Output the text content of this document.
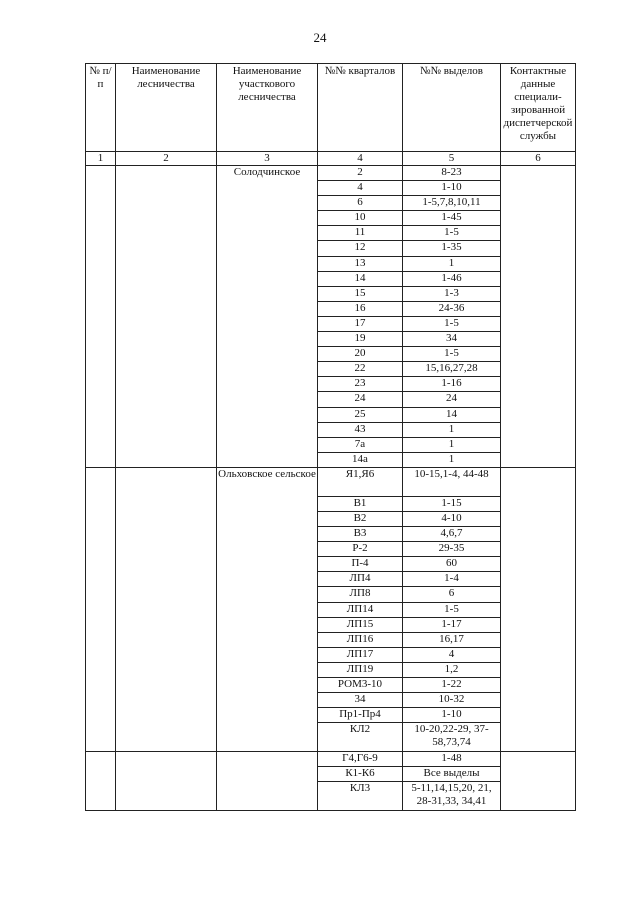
24
№ п/п	Наименование лесничества	Наименование участкового лесничества	№№ кварталов	№№ выделов	Контактные данные специали-зированной диспетчерской службы
1	2	3	4	5	6
		Солодчинское	2	8-23	
			4	1-10	
			6	1-5,7,8,10,11	
			10	1-45	
			11	1-5	
			12	1-35	
			13	1	
			14	1-46	
			15	1-3	
			16	24-36	
			17	1-5	
			19	34	
			20	1-5	
			22	15,16,27,28	
			23	1-16	
			24	24	
			25	14	
			43	1	
			7а	1	
			14а	1	
		Ольховское сельское	Я1,Я6	10-15,1-4, 44-48	
			В1	1-15	
			В2	4-10	
			В3	4,6,7	
			Р-2	29-35	
			П-4	60	
			ЛП4	1-4	
			ЛП8	6	
			ЛП14	1-5	
			ЛП15	1-17	
			ЛП16	16,17	
			ЛП17	4	
			ЛП19	1,2	
			РОМ3-10	1-22	
			34	10-32	
			Пр1-Пр4	1-10	
			КЛ2	10-20,22-29, 37-58,73,74	
			Г4,Г6-9	1-48	
			К1-К6	Все выделы	
			КЛ3	5-11,14,15,20, 21, 28-31,33, 34,41	
